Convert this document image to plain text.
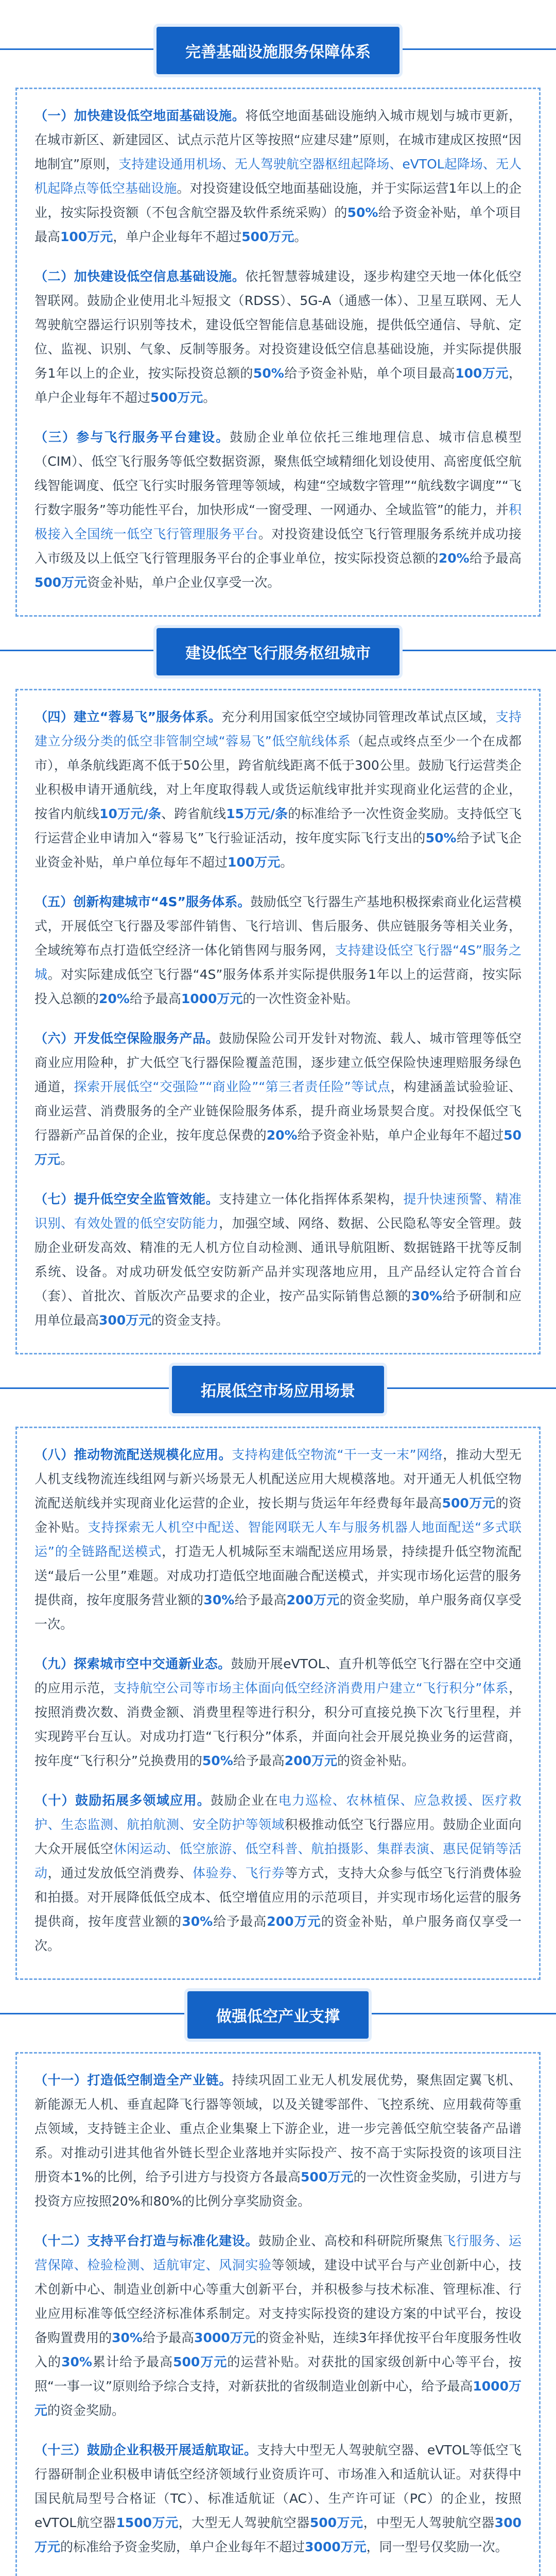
完善基础设施服务保障体系

（一）加快建设低空地面基础设施。将低空地面基础设施纳入城市规划与城市更新，在城市新区、新建园区、试点示范片区等按照“应建尽建”原则，在城市建成区按照“因地制宜”原则，支持建设通用机场、无人驾驶航空器枢纽起降场、eVTOL起降场、无人机起降点等低空基础设施。对投资建设低空地面基础设施，并于实际运营1年以上的企业，按实际投资额（不包含航空器及软件系统采购）的50%给予资金补贴，单个项目最高100万元，单户企业每年不超过500万元。

（二）加快建设低空信息基础设施。依托智慧蓉城建设，逐步构建空天地一体化低空智联网。鼓励企业使用北斗短报文（RDSS）、5G-A（通感一体）、卫星互联网、无人驾驶航空器运行识别等技术，建设低空智能信息基础设施，提供低空通信、导航、定位、监视、识别、气象、反制等服务。对投资建设低空信息基础设施，并实际提供服务1年以上的企业，按实际投资总额的50%给予资金补贴，单个项目最高100万元，单户企业每年不超过500万元。

（三）参与飞行服务平台建设。鼓励企业单位依托三维地理信息、城市信息模型（CIM）、低空飞行服务等低空数据资源，聚焦低空域精细化划设使用、高密度低空航线智能调度、低空飞行实时服务管理等领域，构建“空域数字管理”“航线数字调度”“飞行数字服务”等功能性平台，加快形成“一窗受理、一网通办、全域监管”的能力，并积极接入全国统一低空飞行管理服务平台。对投资建设低空飞行管理服务系统并成功接入市级及以上低空飞行管理服务平台的企事业单位，按实际投资总额的20%给予最高500万元资金补贴，单户企业仅享受一次。

建设低空飞行服务枢纽城市

（四）建立“蓉易飞”服务体系。充分利用国家低空空域协同管理改革试点区域，支持建立分级分类的低空非管制空域“蓉易飞”低空航线体系（起点或终点至少一个在成都市），单条航线距离不低于50公里，跨省航线距离不低于300公里。鼓励飞行运营类企业积极申请开通航线，对上年度取得载人或货运航线审批并实现商业化运营的企业，按省内航线10万元/条、跨省航线15万元/条的标准给予一次性资金奖励。支持低空飞行运营企业申请加入“蓉易飞”飞行验证活动，按年度实际飞行支出的50%给予试飞企业资金补贴，单户单位每年不超过100万元。

（五）创新构建城市“4S”服务体系。鼓励低空飞行器生产基地积极探索商业化运营模式，开展低空飞行器及零部件销售、飞行培训、售后服务、供应链服务等相关业务，全域统筹布点打造低空经济一体化销售网与服务网，支持建设低空飞行器“4S”服务之城。对实际建成低空飞行器“4S”服务体系并实际提供服务1年以上的运营商，按实际投入总额的20%给予最高1000万元的一次性资金补贴。

（六）开发低空保险服务产品。鼓励保险公司开发针对物流、载人、城市管理等低空商业应用险种，扩大低空飞行器保险覆盖范围，逐步建立低空保险快速理赔服务绿色通道，探索开展低空“交强险”“商业险”“第三者责任险”等试点，构建涵盖试验验证、商业运营、消费服务的全产业链保险服务体系，提升商业场景契合度。对投保低空飞行器新产品首保的企业，按年度总保费的20%给予资金补贴，单户企业每年不超过50万元。

（七）提升低空安全监管效能。支持建立一体化指挥体系架构，提升快速预警、精准识别、有效处置的低空安防能力，加强空域、网络、数据、公民隐私等安全管理。鼓励企业研发高效、精准的无人机方位自动检测、通讯导航阻断、数据链路干扰等反制系统、设备。对成功研发低空安防新产品并实现落地应用，且产品经认定符合首台（套）、首批次、首版次产品要求的企业，按产品实际销售总额的30%给予研制和应用单位最高300万元的资金支持。

拓展低空市场应用场景

（八）推动物流配送规模化应用。支持构建低空物流“干一支一末”网络，推动大型无人机支线物流连线组网与新兴场景无人机配送应用大规模落地。对开通无人机低空物流配送航线并实现商业化运营的企业，按长期与货运年年经费每年最高500万元的资金补贴。支持探索无人机空中配送、智能网联无人车与服务机器人地面配送“多式联运”的全链路配送模式，打造无人机城际至末端配送应用场景，持续提升低空物流配送“最后一公里”难题。对成功打造低空地面融合配送模式，并实现市场化运营的服务提供商，按年度服务营业额的30%给予最高200万元的资金奖励，单户服务商仅享受一次。

（九）探索城市空中交通新业态。鼓励开展eVTOL、直升机等低空飞行器在空中交通的应用示范，支持航空公司等市场主体面向低空经济消费用户建立“飞行积分”体系，按照消费次数、消费金额、消费里程等进行积分，积分可直接兑换下次飞行里程，并实现跨平台互认。对成功打造“飞行积分”体系，并面向社会开展兑换业务的运营商，按年度“飞行积分”兑换费用的50%给予最高200万元的资金补贴。

（十）鼓励拓展多领域应用。鼓励企业在电力巡检、农林植保、应急救援、医疗救护、生态监测、航拍航测、安全防护等领域积极推动低空飞行器应用。鼓励企业面向大众开展低空休闲运动、低空旅游、低空科普、航拍摄影、集群表演、惠民促销等活动，通过发放低空消费券、体验券、飞行券等方式，支持大众参与低空飞行消费体验和拍摄。对开展降低低空成本、低空增值应用的示范项目，并实现市场化运营的服务提供商，按年度营业额的30%给予最高200万元的资金补贴，单户服务商仅享受一次。

做强低空产业支撑

（十一）打造低空制造全产业链。持续巩固工业无人机发展优势，聚焦固定翼飞机、新能源无人机、垂直起降飞行器等领域，以及关键零部件、飞控系统、应用载荷等重点领域，支持链主企业、重点企业集聚上下游企业，进一步完善低空航空装备产品谱系。对推动引进其他省外链长型企业落地并实际投产、按不高于实际投资的该项目注册资本1%的比例，给予引进方与投资方各最高500万元的一次性资金奖励，引进方与投资方应按照20%和80%的比例分享奖励资金。

（十二）支持平台打造与标准化建设。鼓励企业、高校和科研院所聚焦飞行服务、运营保障、检验检测、适航审定、风洞实验等领域，建设中试平台与产业创新中心，技术创新中心、制造业创新中心等重大创新平台，并积极参与技术标准、管理标准、行业应用标准等低空经济标准体系制定。对支持实际投资的建设方案的中试平台，按设备购置费用的30%给予最高3000万元的资金补贴，连续3年择优按平台年度服务性收入的30%累计给予最高500万元的运营补贴。对获批的国家级创新中心等平台，按照“一事一议”原则给予综合支持，对新获批的省级制造业创新中心，给予最高1000万元的资金奖励。

（十三）鼓励企业积极开展适航取证。支持大中型无人驾驶航空器、eVTOL等低空飞行器研制企业积极申请低空经济领域行业资质许可、市场准入和适航认证。对获得中国民航局型号合格证（TC）、标准适航证（AC）、生产许可证（PC）的企业，按照eVTOL航空器1500万元，大型无人驾驶航空器500万元，中型无人驾驶航空器300万元的标准给予资金奖励，单户企业每年不超过3000万元，同一型号仅奖励一次。
